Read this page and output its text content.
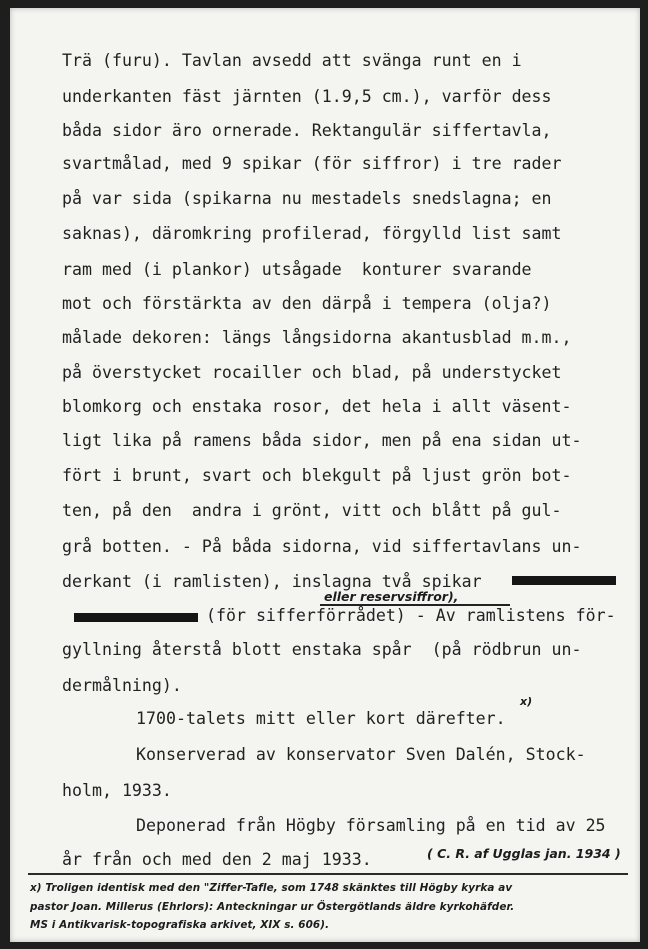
Trä (furu). Tavlan avsedd att svänga runt en i
underkanten fäst järnten (1.9,5 cm.), varför dess
båda sidor äro ornerade. Rektangulär siffertavla,
svartmålad, med 9 spikar (för siffror) i tre rader
på var sida (spikarna nu mestadels snedslagna; en
saknas), däromkring profilerad, förgylld list samt
ram med (i plankor) utsågade  konturer svarande
mot och förstärkta av den därpå i tempera (olja?)
målade dekoren: längs långsidorna akantusblad m.m.,
på överstycket rocailler och blad, på understycket
blomkorg och enstaka rosor, det hela i allt väsent-
ligt lika på ramens båda sidor, men på ena sidan ut-
fört i brunt, svart och blekgult på ljust grön bot-
ten, på den  andra i grönt, vitt och blått på gul-
grå botten. - På båda sidorna, vid siffertavlans un-
derkant (i ramlisten), inslagna två spikar
eller reservsiffror),
(för sifferförrådet) - Av ramlistens för-
gyllning återstå blott enstaka spår  (på rödbrun un-
dermålning).
1700-talets mitt eller kort därefter.
x)
Konserverad av konservator Sven Dalén, Stock-
holm, 1933.
Deponerad från Högby församling på en tid av 25
år från och med den 2 maj 1933.	( C. R. af Ugglas jan. 1934 )
x) Troligen identisk med den "Ziffer-Tafle, som 1748 skänktes till Högby kyrka av
pastor Joan. Millerus (Ehrlors): Anteckningar ur Östergötlands äldre kyrkohäfder.
MS i Antikvarisk-topografiska arkivet, XIX s. 606).
